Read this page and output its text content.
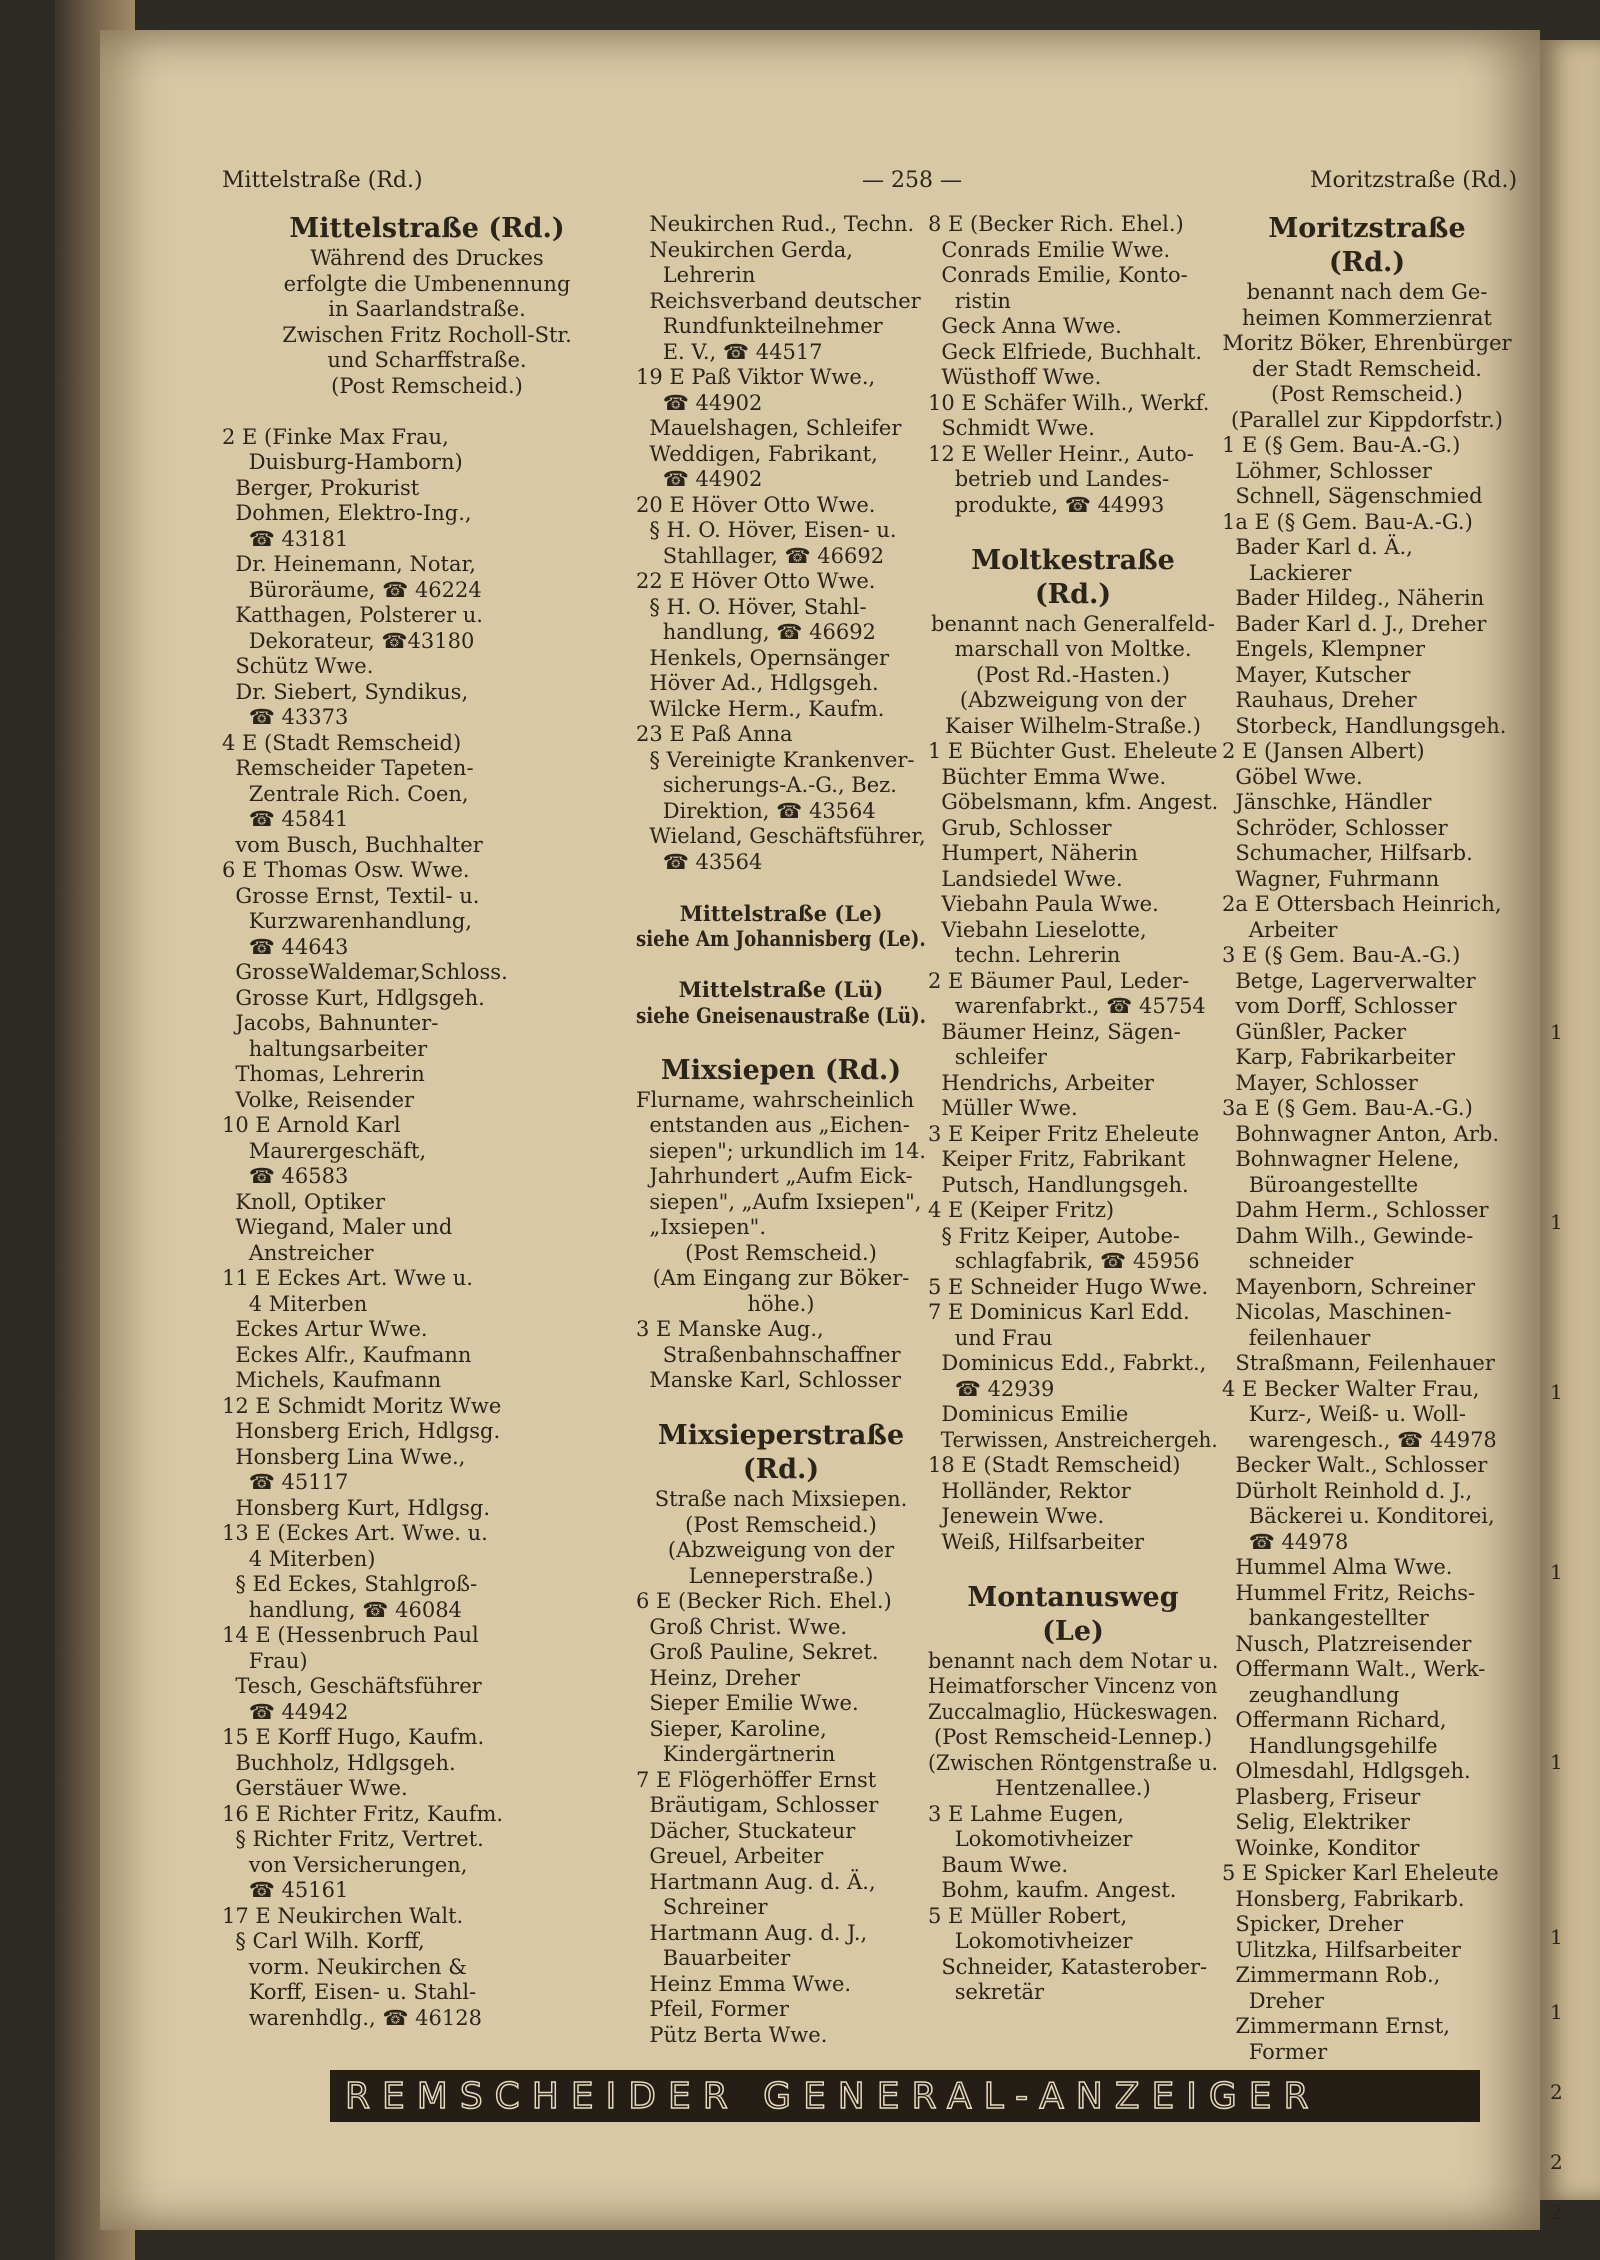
Mittelstraße (Rd.)	— 258 —	Moritzstraße (Rd.)
Mittelstraße (Rd.)
Während des Druckes
erfolgte die Umbenennung
in Saarlandstraße.
Zwischen Fritz Rocholl-Str.
und Scharffstraße.
(Post Remscheid.)
2 E (Finke Max Frau,
Duisburg-Hamborn)
Berger, Prokurist
Dohmen, Elektro-Ing.,
☎ 43181
Dr. Heinemann, Notar,
Büroräume, ☎ 46224
Katthagen, Polsterer u.
Dekorateur, ☎43180
Schütz Wwe.
Dr. Siebert, Syndikus,
☎ 43373
4 E (Stadt Remscheid)
Remscheider Tapeten-
Zentrale Rich. Coen,
☎ 45841
vom Busch, Buchhalter
6 E Thomas Osw. Wwe.
Grosse Ernst, Textil- u.
Kurzwarenhandlung,
☎ 44643
GrosseWaldemar,Schloss.
Grosse Kurt, Hdlgsgeh.
Jacobs, Bahnunter-
haltungsarbeiter
Thomas, Lehrerin
Volke, Reisender
10 E Arnold Karl
Maurergeschäft,
☎ 46583
Knoll, Optiker
Wiegand, Maler und
Anstreicher
11 E Eckes Art. Wwe u.
4 Miterben
Eckes Artur Wwe.
Eckes Alfr., Kaufmann
Michels, Kaufmann
12 E Schmidt Moritz Wwe
Honsberg Erich, Hdlgsg.
Honsberg Lina Wwe.,
☎ 45117
Honsberg Kurt, Hdlgsg.
13 E (Eckes Art. Wwe. u.
4 Miterben)
§ Ed Eckes, Stahlgroß-
handlung, ☎ 46084
14 E (Hessenbruch Paul
Frau)
Tesch, Geschäftsführer
☎ 44942
15 E Korff Hugo, Kaufm.
Buchholz, Hdlgsgeh.
Gerstäuer Wwe.
16 E Richter Fritz, Kaufm.
§ Richter Fritz, Vertret.
von Versicherungen,
☎ 45161
17 E Neukirchen Walt.
§ Carl Wilh. Korff,
vorm. Neukirchen &
Korff, Eisen- u. Stahl-
warenhdlg., ☎ 46128
Neukirchen Rud., Techn.
Neukirchen Gerda,
Lehrerin
Reichsverband deutscher
Rundfunkteilnehmer
E. V., ☎ 44517
19 E Paß Viktor Wwe.,
☎ 44902
Mauelshagen, Schleifer
Weddigen, Fabrikant,
☎ 44902
20 E Höver Otto Wwe.
§ H. O. Höver, Eisen- u.
Stahllager, ☎ 46692
22 E Höver Otto Wwe.
§ H. O. Höver, Stahl-
handlung, ☎ 46692
Henkels, Opernsänger
Höver Ad., Hdlgsgeh.
Wilcke Herm., Kaufm.
23 E Paß Anna
§ Vereinigte Krankenver-
sicherungs-A.-G., Bez.
Direktion, ☎ 43564
Wieland, Geschäftsführer,
☎ 43564
Mittelstraße (Le)
siehe Am Johannisberg (Le).
Mittelstraße (Lü)
siehe Gneisenaustraße (Lü).
Mixsiepen (Rd.)
Flurname, wahrscheinlich
entstanden aus „Eichen-
siepen"; urkundlich im 14.
Jahrhundert „Aufm Eick-
siepen", „Aufm Ixsiepen",
„Ixsiepen".
(Post Remscheid.)
(Am Eingang zur Böker-
höhe.)
3 E Manske Aug.,
Straßenbahnschaffner
Manske Karl, Schlosser
Mixsieperstraße
(Rd.)
Straße nach Mixsiepen.
(Post Remscheid.)
(Abzweigung von der
Lenneperstraße.)
6 E (Becker Rich. Ehel.)
Groß Christ. Wwe.
Groß Pauline, Sekret.
Heinz, Dreher
Sieper Emilie Wwe.
Sieper, Karoline,
Kindergärtnerin
7 E Flögerhöffer Ernst
Bräutigam, Schlosser
Dächer, Stuckateur
Greuel, Arbeiter
Hartmann Aug. d. Ä.,
Schreiner
Hartmann Aug. d. J.,
Bauarbeiter
Heinz Emma Wwe.
Pfeil, Former
Pütz Berta Wwe.
8 E (Becker Rich. Ehel.)
Conrads Emilie Wwe.
Conrads Emilie, Konto-
ristin
Geck Anna Wwe.
Geck Elfriede, Buchhalt.
Wüsthoff Wwe.
10 E Schäfer Wilh., Werkf.
Schmidt Wwe.
12 E Weller Heinr., Auto-
betrieb und Landes-
produkte, ☎ 44993
Moltkestraße
(Rd.)
benannt nach Generalfeld-
marschall von Moltke.
(Post Rd.-Hasten.)
(Abzweigung von der
Kaiser Wilhelm-Straße.)
1 E Büchter Gust. Eheleute
Büchter Emma Wwe.
Göbelsmann, kfm. Angest.
Grub, Schlosser
Humpert, Näherin
Landsiedel Wwe.
Viebahn Paula Wwe.
Viebahn Lieselotte,
techn. Lehrerin
2 E Bäumer Paul, Leder-
warenfabrkt., ☎ 45754
Bäumer Heinz, Sägen-
schleifer
Hendrichs, Arbeiter
Müller Wwe.
3 E Keiper Fritz Eheleute
Keiper Fritz, Fabrikant
Putsch, Handlungsgeh.
4 E (Keiper Fritz)
§ Fritz Keiper, Autobe-
schlagfabrik, ☎ 45956
5 E Schneider Hugo Wwe.
7 E Dominicus Karl Edd.
und Frau
Dominicus Edd., Fabrkt.,
☎ 42939
Dominicus Emilie
Terwissen, Anstreichergeh.
18 E (Stadt Remscheid)
Holländer, Rektor
Jenewein Wwe.
Weiß, Hilfsarbeiter
Montanusweg
(Le)
benannt nach dem Notar u.
Heimatforscher Vincenz von
Zuccalmaglio, Hückeswagen.
(Post Remscheid-Lennep.)
(Zwischen Röntgenstraße u.
Hentzenallee.)
3 E Lahme Eugen,
Lokomotivheizer
Baum Wwe.
Bohm, kaufm. Angest.
5 E Müller Robert,
Lokomotivheizer
Schneider, Katasterober-
sekretär
Moritzstraße
(Rd.)
benannt nach dem Ge-
heimen Kommerzienrat
Moritz Böker, Ehrenbürger
der Stadt Remscheid.
(Post Remscheid.)
(Parallel zur Kippdorfstr.)
1 E (§ Gem. Bau-A.-G.)
Löhmer, Schlosser
Schnell, Sägenschmied
1a E (§ Gem. Bau-A.-G.)
Bader Karl d. Ä.,
Lackierer
Bader Hildeg., Näherin
Bader Karl d. J., Dreher
Engels, Klempner
Mayer, Kutscher
Rauhaus, Dreher
Storbeck, Handlungsgeh.
2 E (Jansen Albert)
Göbel Wwe.
Jänschke, Händler
Schröder, Schlosser
Schumacher, Hilfsarb.
Wagner, Fuhrmann
2a E Ottersbach Heinrich,
Arbeiter
3 E (§ Gem. Bau-A.-G.)
Betge, Lagerverwalter
vom Dorff, Schlosser
Günßler, Packer
Karp, Fabrikarbeiter
Mayer, Schlosser
3a E (§ Gem. Bau-A.-G.)
Bohnwagner Anton, Arb.
Bohnwagner Helene,
Büroangestellte
Dahm Herm., Schlosser
Dahm Wilh., Gewinde-
schneider
Mayenborn, Schreiner
Nicolas, Maschinen-
feilenhauer
Straßmann, Feilenhauer
4 E Becker Walter Frau,
Kurz-, Weiß- u. Woll-
warengesch., ☎ 44978
Becker Walt., Schlosser
Dürholt Reinhold d. J.,
Bäckerei u. Konditorei,
☎ 44978
Hummel Alma Wwe.
Hummel Fritz, Reichs-
bankangestellter
Nusch, Platzreisender
Offermann Walt., Werk-
zeughandlung
Offermann Richard,
Handlungsgehilfe
Olmesdahl, Hdlgsgeh.
Plasberg, Friseur
Selig, Elektriker
Woinke, Konditor
5 E Spicker Karl Eheleute
Honsberg, Fabrikarb.
Spicker, Dreher
Ulitzka, Hilfsarbeiter
Zimmermann Rob.,
Dreher
Zimmermann Ernst,
Former
1
1
1
1
1
1
1
2
2
2
REMSCHEIDER GENERAL-ANZEIGER
